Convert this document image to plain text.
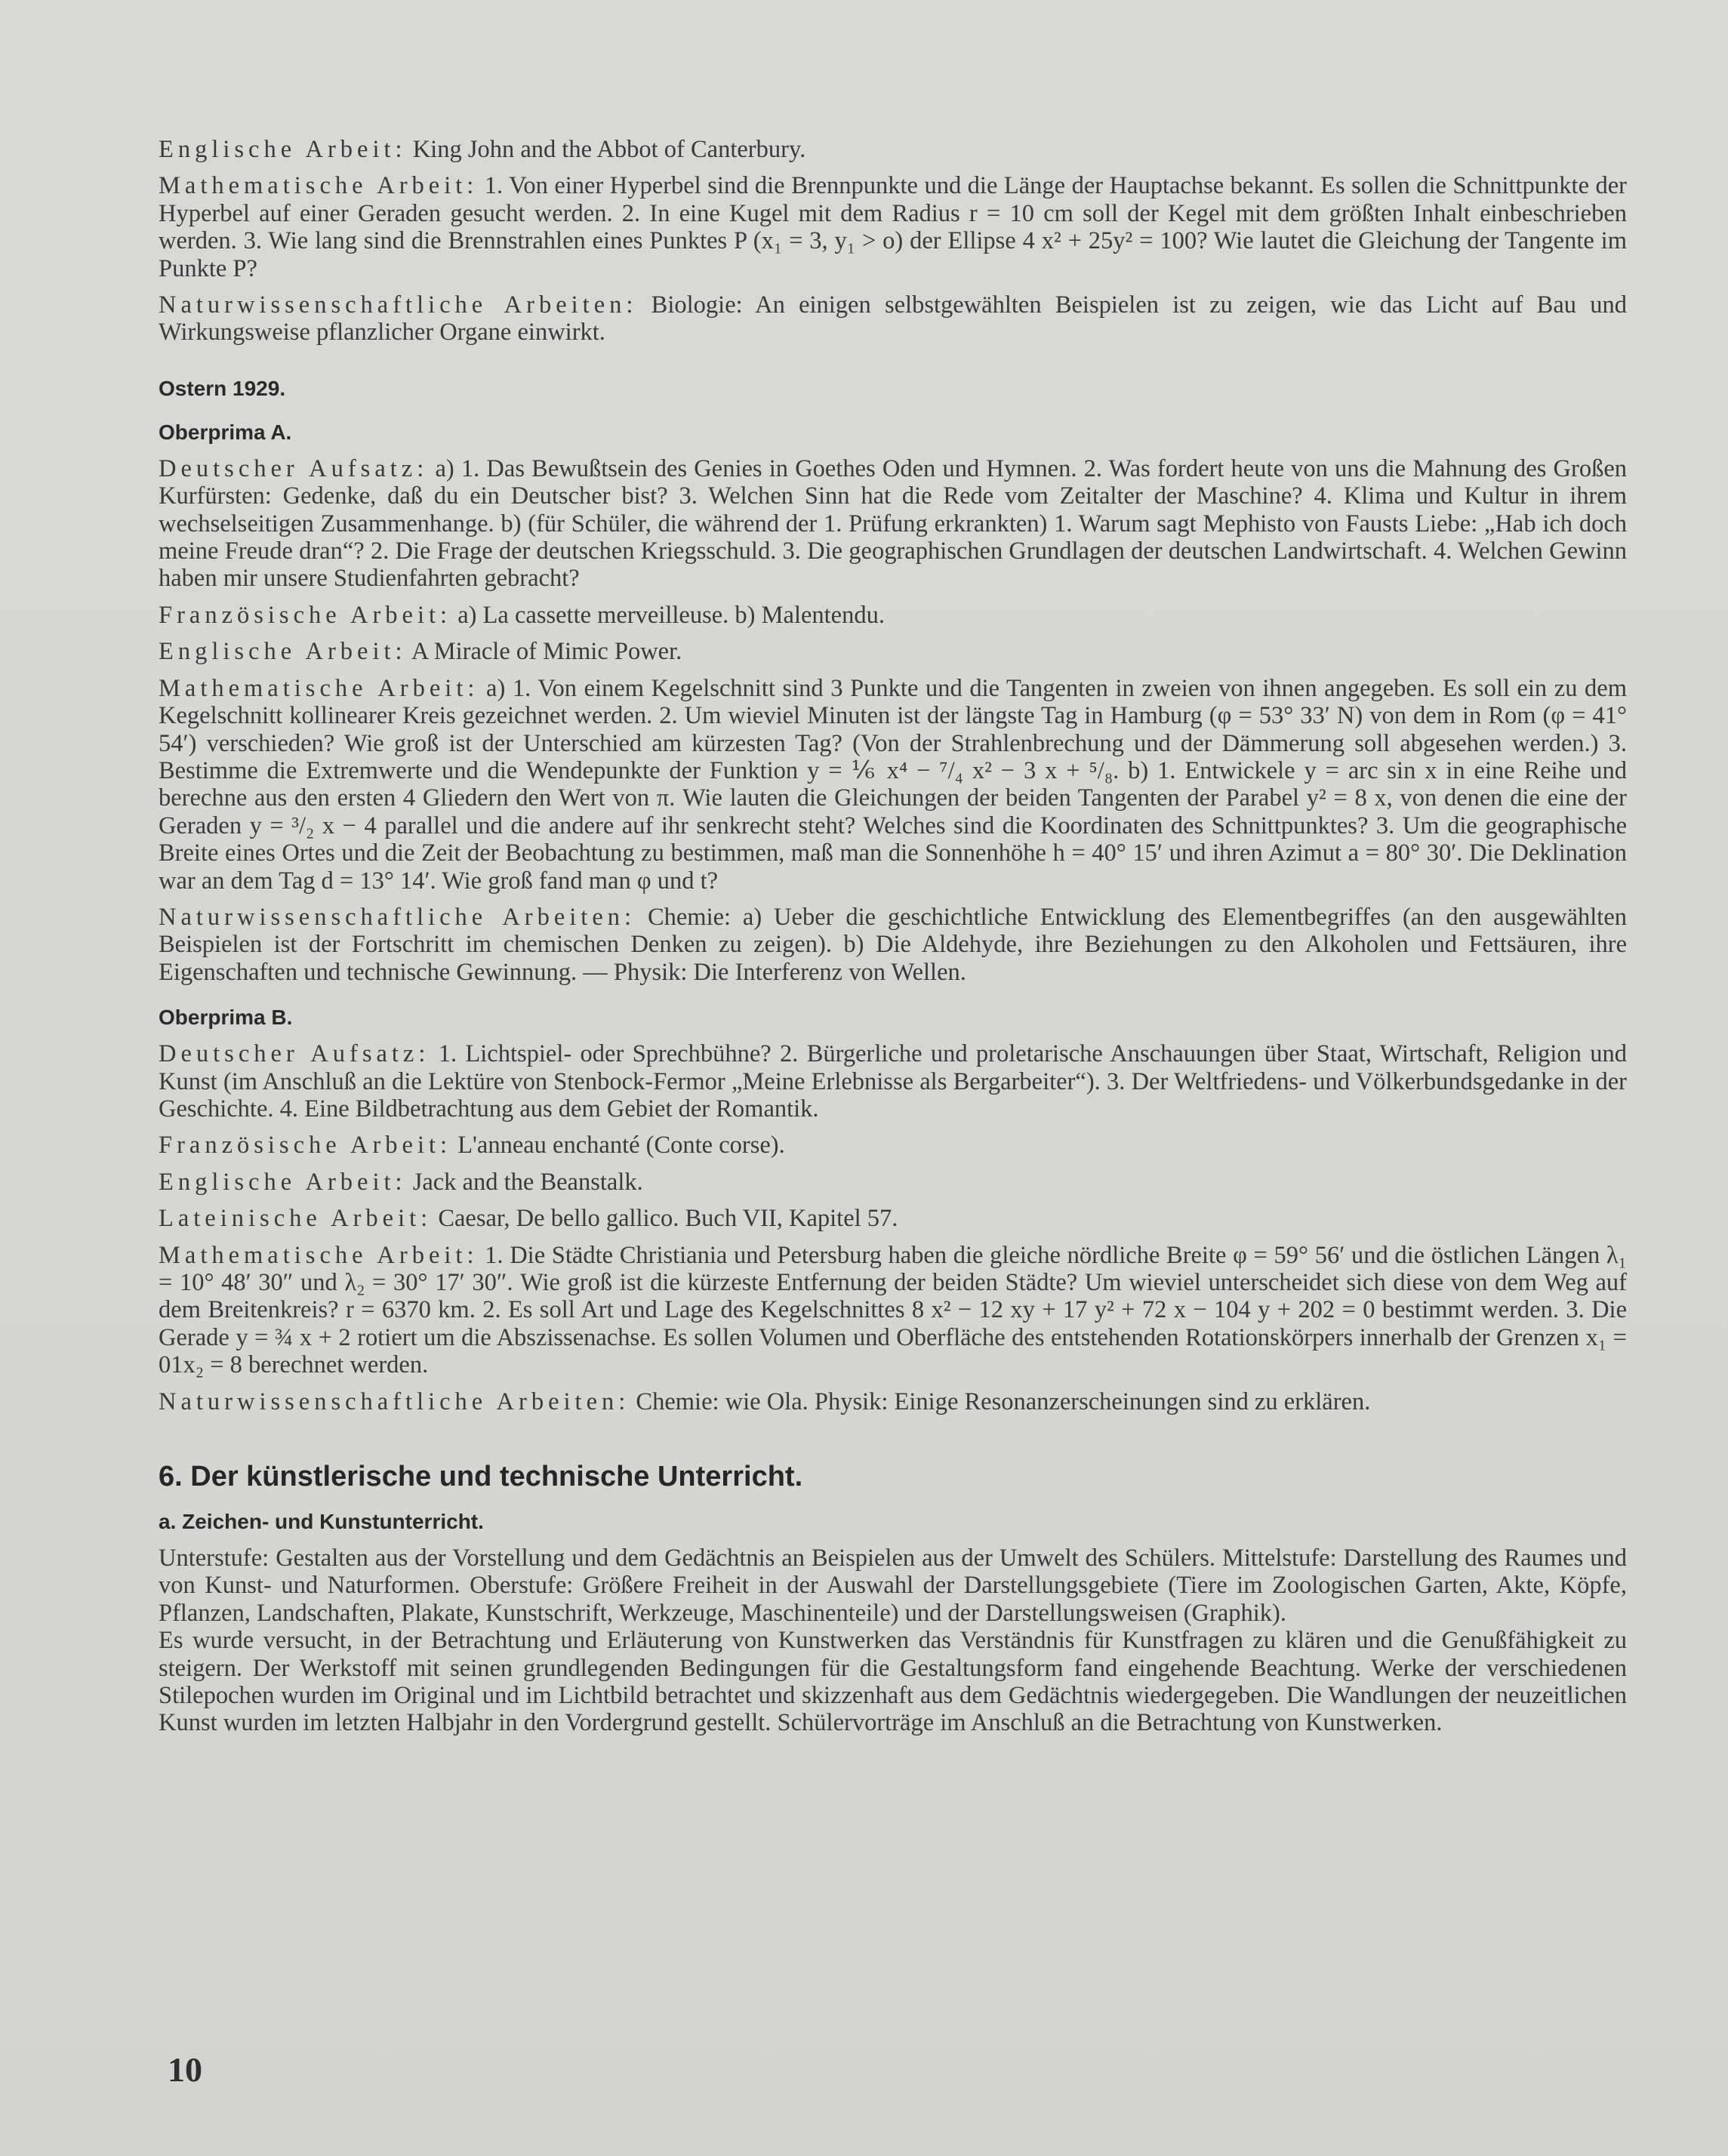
Englische Arbeit: King John and the Abbot of Canterbury.

Mathematische Arbeit: 1. Von einer Hyperbel sind die Brennpunkte und die Länge der Hauptachse bekannt. Es sollen die Schnittpunkte der Hyperbel auf einer Geraden gesucht werden. 2. In eine Kugel mit dem Radius r = 10 cm soll der Kegel mit dem größten Inhalt einbeschrieben werden. 3. Wie lang sind die Brennstrahlen eines Punktes P (x₁ = 3, y₁ > o) der Ellipse 4 x² + 25y² = 100? Wie lautet die Gleichung der Tangente im Punkte P?

Naturwissenschaftliche Arbeiten: Biologie: An einigen selbstgewählten Beispielen ist zu zeigen, wie das Licht auf Bau und Wirkungsweise pflanzlicher Organe einwirkt.

Ostern 1929.
Oberprima A.

Deutscher Aufsatz: a) 1. Das Bewußtsein des Genies in Goethes Oden und Hymnen. 2. Was fordert heute von uns die Mahnung des Großen Kurfürsten: Gedenke, daß du ein Deutscher bist? 3. Welchen Sinn hat die Rede vom Zeitalter der Maschine? 4. Klima und Kultur in ihrem wechselseitigen Zusammenhange. b) (für Schüler, die während der 1. Prüfung erkrankten) 1. Warum sagt Mephisto von Fausts Liebe: „Hab ich doch meine Freude dran“? 2. Die Frage der deutschen Kriegsschuld. 3. Die geographischen Grundlagen der deutschen Landwirtschaft. 4. Welchen Gewinn haben mir unsere Studienfahrten gebracht?

Französische Arbeit: a) La cassette merveilleuse. b) Malentendu.

Englische Arbeit: A Miracle of Mimic Power.

Mathematische Arbeit: a) 1. Von einem Kegelschnitt sind 3 Punkte und die Tangenten in zweien von ihnen angegeben. Es soll ein zu dem Kegelschnitt kollinearer Kreis gezeichnet werden. 2. Um wieviel Minuten ist der längste Tag in Hamburg (φ = 53° 33′ N) von dem in Rom (φ = 41° 54′) verschieden? Wie groß ist der Unterschied am kürzesten Tag? (Von der Strahlenbrechung und der Dämmerung soll abgesehen werden.) 3. Bestimme die Extremwerte und die Wendepunkte der Funktion y = ⅙ x⁴ − ⁷/₄ x² − 3 x + ⁵/₈. b) 1. Entwickele y = arc sin x in eine Reihe und berechne aus den ersten 4 Gliedern den Wert von π. Wie lauten die Gleichungen der beiden Tangenten der Parabel y² = 8 x, von denen die eine der Geraden y = ³/₂ x − 4 parallel und die andere auf ihr senkrecht steht? Welches sind die Koordinaten des Schnittpunktes? 3. Um die geographische Breite eines Ortes und die Zeit der Beobachtung zu bestimmen, maß man die Sonnenhöhe h = 40° 15′ und ihren Azimut a = 80° 30′. Die Deklination war an dem Tag d = 13° 14′. Wie groß fand man φ und t?

Naturwissenschaftliche Arbeiten: Chemie: a) Ueber die geschichtliche Entwicklung des Elementbegriffes (an den ausgewählten Beispielen ist der Fortschritt im chemischen Denken zu zeigen). b) Die Aldehyde, ihre Beziehungen zu den Alkoholen und Fettsäuren, ihre Eigenschaften und technische Gewinnung. — Physik: Die Interferenz von Wellen.

Oberprima B.

Deutscher Aufsatz: 1. Lichtspiel- oder Sprechbühne? 2. Bürgerliche und proletarische Anschauungen über Staat, Wirtschaft, Religion und Kunst (im Anschluß an die Lektüre von Stenbock-Fermor „Meine Erlebnisse als Bergarbeiter“). 3. Der Weltfriedens- und Völkerbundsgedanke in der Geschichte. 4. Eine Bildbetrachtung aus dem Gebiet der Romantik.

Französische Arbeit: L'anneau enchanté (Conte corse).

Englische Arbeit: Jack and the Beanstalk.

Lateinische Arbeit: Caesar, De bello gallico. Buch VII, Kapitel 57.

Mathematische Arbeit: 1. Die Städte Christiania und Petersburg haben die gleiche nördliche Breite φ = 59° 56′ und die östlichen Längen λ₁ = 10° 48′ 30″ und λ₂ = 30° 17′ 30″. Wie groß ist die kürzeste Entfernung der beiden Städte? Um wieviel unterscheidet sich diese von dem Weg auf dem Breitenkreis? r = 6370 km. 2. Es soll Art und Lage des Kegelschnittes 8 x² − 12 xy + 17 y² + 72 x − 104 y + 202 = 0 bestimmt werden. 3. Die Gerade y = ¾ x + 2 rotiert um die Abszissenachse. Es sollen Volumen und Oberfläche des entstehenden Rotationskörpers innerhalb der Grenzen x₁ = 01x₂ = 8 berechnet werden.

Naturwissenschaftliche Arbeiten: Chemie: wie Ola. Physik: Einige Resonanzerscheinungen sind zu erklären.

6. Der künstlerische und technische Unterricht.
a. Zeichen- und Kunstunterricht.

Unterstufe: Gestalten aus der Vorstellung und dem Gedächtnis an Beispielen aus der Umwelt des Schülers. Mittelstufe: Darstellung des Raumes und von Kunst- und Naturformen. Oberstufe: Größere Freiheit in der Auswahl der Darstellungsgebiete (Tiere im Zoologischen Garten, Akte, Köpfe, Pflanzen, Landschaften, Plakate, Kunstschrift, Werkzeuge, Maschinenteile) und der Darstellungsweisen (Graphik).

Es wurde versucht, in der Betrachtung und Erläuterung von Kunstwerken das Verständnis für Kunstfragen zu klären und die Genußfähigkeit zu steigern. Der Werkstoff mit seinen grundlegenden Bedingungen für die Gestaltungsform fand eingehende Beachtung. Werke der verschiedenen Stilepochen wurden im Original und im Lichtbild betrachtet und skizzenhaft aus dem Gedächtnis wiedergegeben. Die Wandlungen der neuzeitlichen Kunst wurden im letzten Halbjahr in den Vordergrund gestellt. Schülervorträge im Anschluß an die Betrachtung von Kunstwerken.

10
